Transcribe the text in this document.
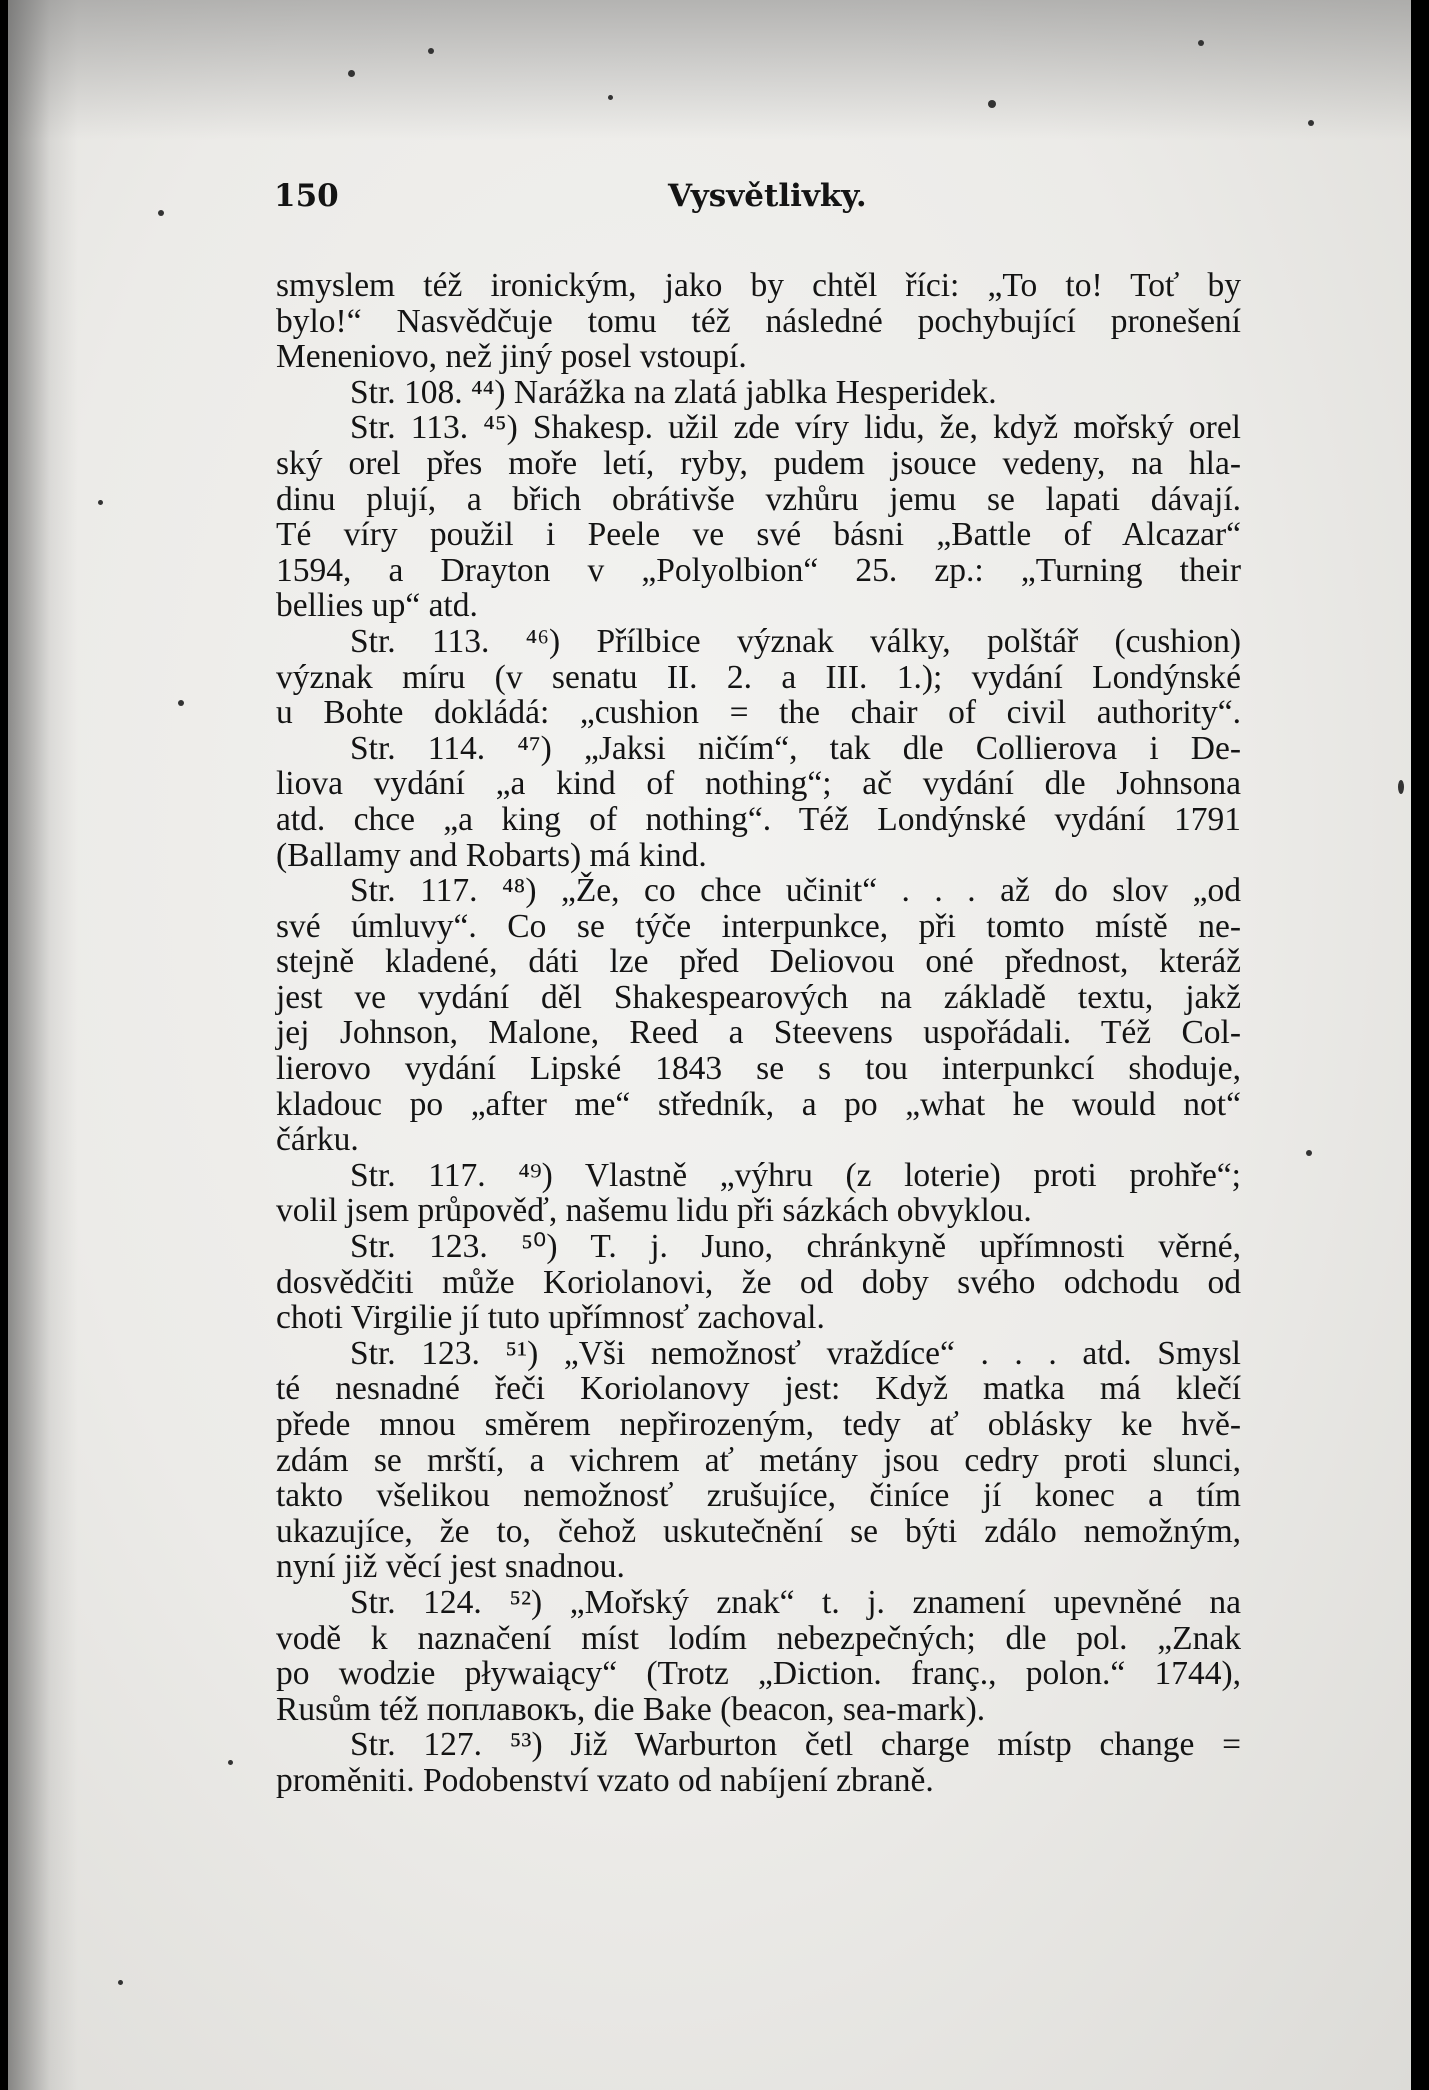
150	Vysvětlivky.
smyslem též ironickým, jako by chtěl říci: „To to! Toť by
bylo!“ Nasvědčuje tomu též následné pochybující pronešení
Meneniovo, než jiný posel vstoupí.
Str. 108. ⁴⁴) Narážka na zlatá jablka Hesperidek.
Str. 113. ⁴⁵) Shakesp. užil zde víry lidu, že, když mořský orel
ský orel přes moře letí, ryby, pudem jsouce vedeny, na hla-
dinu plují, a břich obrátivše vzhůru jemu se lapati dávají.
Té víry použil i Peele ve své básni „Battle of Alcazar“
1594, a Drayton v „Polyolbion“ 25. zp.: „Turning their
bellies up“ atd.
Str. 113. ⁴⁶) Přílbice význak války, polštář (cushion)
význak míru (v senatu II. 2. a III. 1.); vydání Londýnské
u Bohte dokládá: „cushion = the chair of civil authority“.
Str. 114. ⁴⁷) „Jaksi ničím“, tak dle Collierova i De-
liova vydání „a kind of nothing“; ač vydání dle Johnsona
atd. chce „a king of nothing“. Též Londýnské vydání 1791
(Ballamy and Robarts) má kind.
Str. 117. ⁴⁸) „Že, co chce učinit“ . . . až do slov „od
své úmluvy“. Co se týče interpunkce, při tomto místě ne-
stejně kladené, dáti lze před Deliovou oné přednost, kteráž
jest ve vydání děl Shakespearových na základě textu, jakž
jej Johnson, Malone, Reed a Steevens uspořádali. Též Col-
lierovo vydání Lipské 1843 se s tou interpunkcí shoduje,
kladouc po „after me“ středník, a po „what he would not“
čárku.
Str. 117. ⁴⁹) Vlastně „výhru (z loterie) proti prohře“;
volil jsem průpověď, našemu lidu při sázkách obvyklou.
Str. 123. ⁵⁰) T. j. Juno, chránkyně upřímnosti věrné,
dosvědčiti může Koriolanovi, že od doby svého odchodu od
choti Virgilie jí tuto upřímnosť zachoval.
Str. 123. ⁵¹) „Vši nemožnosť vraždíce“ . . . atd. Smysl
té nesnadné řeči Koriolanovy jest: Když matka má klečí
přede mnou směrem nepřirozeným, tedy ať oblásky ke hvě-
zdám se mrští, a vichrem ať metány jsou cedry proti slunci,
takto všelikou nemožnosť zrušujíce, činíce jí konec a tím
ukazujíce, že to, čehož uskutečnění se býti zdálo nemožným,
nyní již věcí jest snadnou.
Str. 124. ⁵²) „Mořský znak“ t. j. znamení upevněné na
vodě k naznačení míst lodím nebezpečných; dle pol. „Znak
po wodzie pływaiący“ (Trotz „Diction. franç., polon.“ 1744),
Rusům též поплавокъ, die Bake (beacon, sea-mark).
Str. 127. ⁵³) Již Warburton četl charge místp change =
proměniti. Podobenství vzato od nabíjení zbraně.
